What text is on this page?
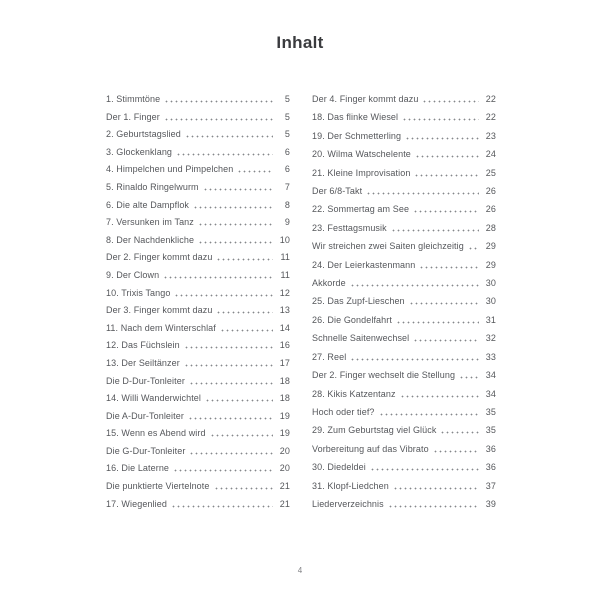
Inhalt
1. Stimmtöne	5
Der 1. Finger	5
2. Geburtstagslied	5
3. Glockenklang	6
4. Himpelchen und Pimpelchen	6
5. Rinaldo Ringelwurm	7
6. Die alte Dampflok	8
7. Versunken im Tanz	9
8. Der Nachdenkliche	10
Der 2. Finger kommt dazu	11
9. Der Clown	11
10. Trixis Tango	12
Der 3. Finger kommt dazu	13
11. Nach dem Winterschlaf	14
12. Das Füchslein	16
13. Der Seiltänzer	17
Die D-Dur-Tonleiter	18
14. Willi Wanderwichtel	18
Die A-Dur-Tonleiter	19
15. Wenn es Abend wird	19
Die G-Dur-Tonleiter	20
16. Die Laterne	20
Die punktierte Viertelnote	21
17. Wiegenlied	21
Der 4. Finger kommt dazu	22
18. Das flinke Wiesel	22
19. Der Schmetterling	23
20. Wilma Watschelente	24
21. Kleine Improvisation	25
Der 6/8-Takt	26
22. Sommertag am See	26
23. Festtagsmusik	28
Wir streichen zwei Saiten gleichzeitig	29
24. Der Leierkastenmann	29
Akkorde	30
25. Das Zupf-Lieschen	30
26. Die Gondelfahrt	31
Schnelle Saitenwechsel	32
27. Reel	33
Der 2. Finger wechselt die Stellung	34
28. Kikis Katzentanz	34
Hoch oder tief?	35
29. Zum Geburtstag viel Glück	35
Vorbereitung auf das Vibrato	36
30. Diedeldei	36
31. Klopf-Liedchen	37
Liederverzeichnis	39
4
